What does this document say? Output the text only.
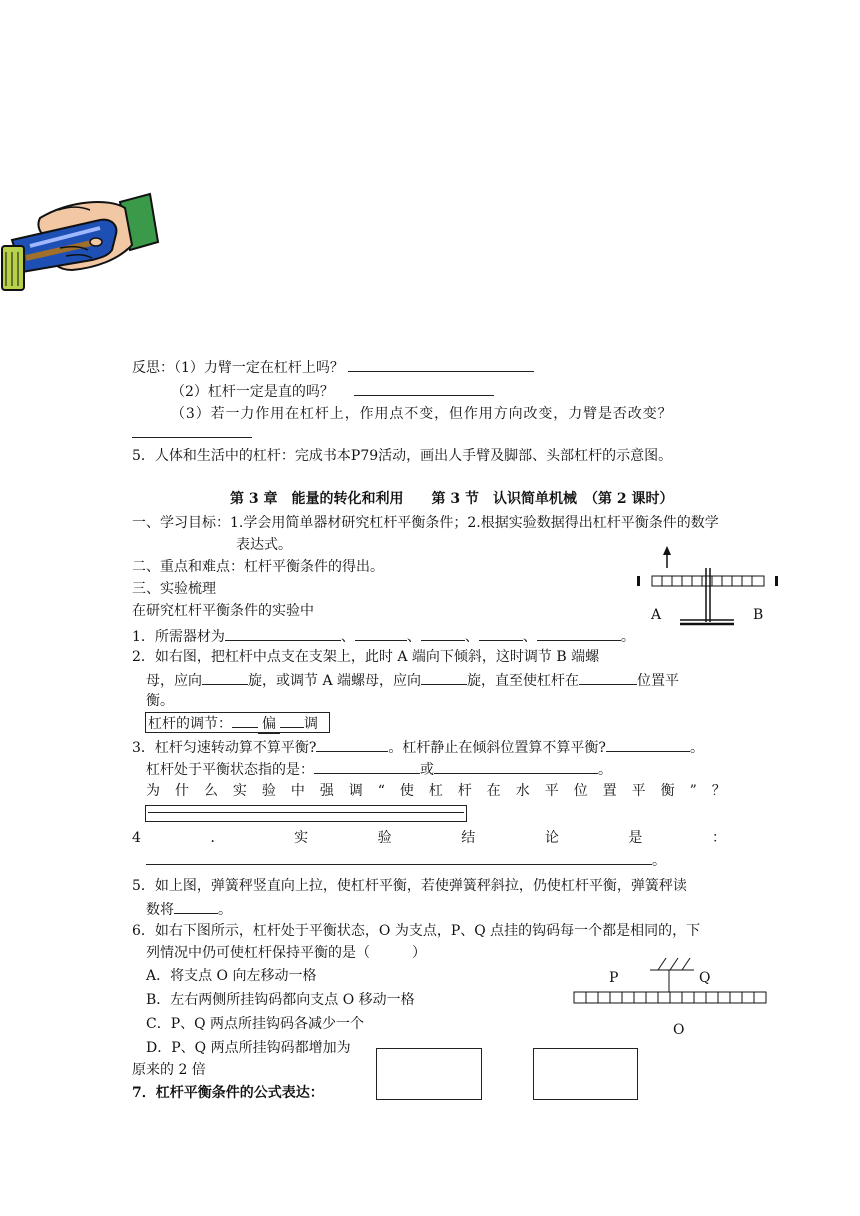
反思：（1）力臂一定在杠杆上吗？
（2）杠杆一定是直的吗？
（3）若一力作用在杠杆上，作用点不变，但作用方向改变，力臂是否改变？
5．人体和生活中的杠杆：完成书本P79活动，画出人手臂及脚部、头部杠杆的示意图。
第 3 章　能量的转化和利用　　第 3 节　认识简单机械　（第 2 课时）
一、学习目标：1.学会用简单器材研究杠杆平衡条件；2.根据实验数据得出杠杆平衡条件的数学
表达式。
二、重点和难点：杠杆平衡条件的得出。
三、实验梳理
在研究杠杆平衡条件的实验中	A	B
1．所需器材为	、	、	、	、	。
2．如右图，把杠杆中点支在支架上，此时 A 端向下倾斜，这时调节 B 端螺
母，应向	旋，或调节 A 端螺母，应向	旋，直至使杠杆在	位置平
衡。
杠杆的调节： 偏 调
3．杠杆匀速转动算不算平衡?	。杠杆静止在倾斜位置算不算平衡?	。
杠杆处于平衡状态指的是：	或	。
为 什 么 实 验 中 强 调 “ 使 杠 杆 在 水 平 位 置 平 衡 ” ？
4	．	实	验	结	论	是	：
。
5．如上图，弹簧秤竖直向上拉，使杠杆平衡，若使弹簧秤斜拉，仍使杠杆平衡，弹簧秤读
数将	。
6．如右下图所示，杠杆处于平衡状态，O 为支点，P、Q 点挂的钩码每一个都是相同的，下
列情况中仍可使杠杆保持平衡的是（　　　）
A．将支点 O 向左移动一格
B．左右两侧所挂钩码都向支点 O 移动一格
C．P、Q 两点所挂钩码各减少一个
D．P、Q 两点所挂钩码都增加为
原来的 2 倍
P	Q
O
7．杠杆平衡条件的公式表达：
